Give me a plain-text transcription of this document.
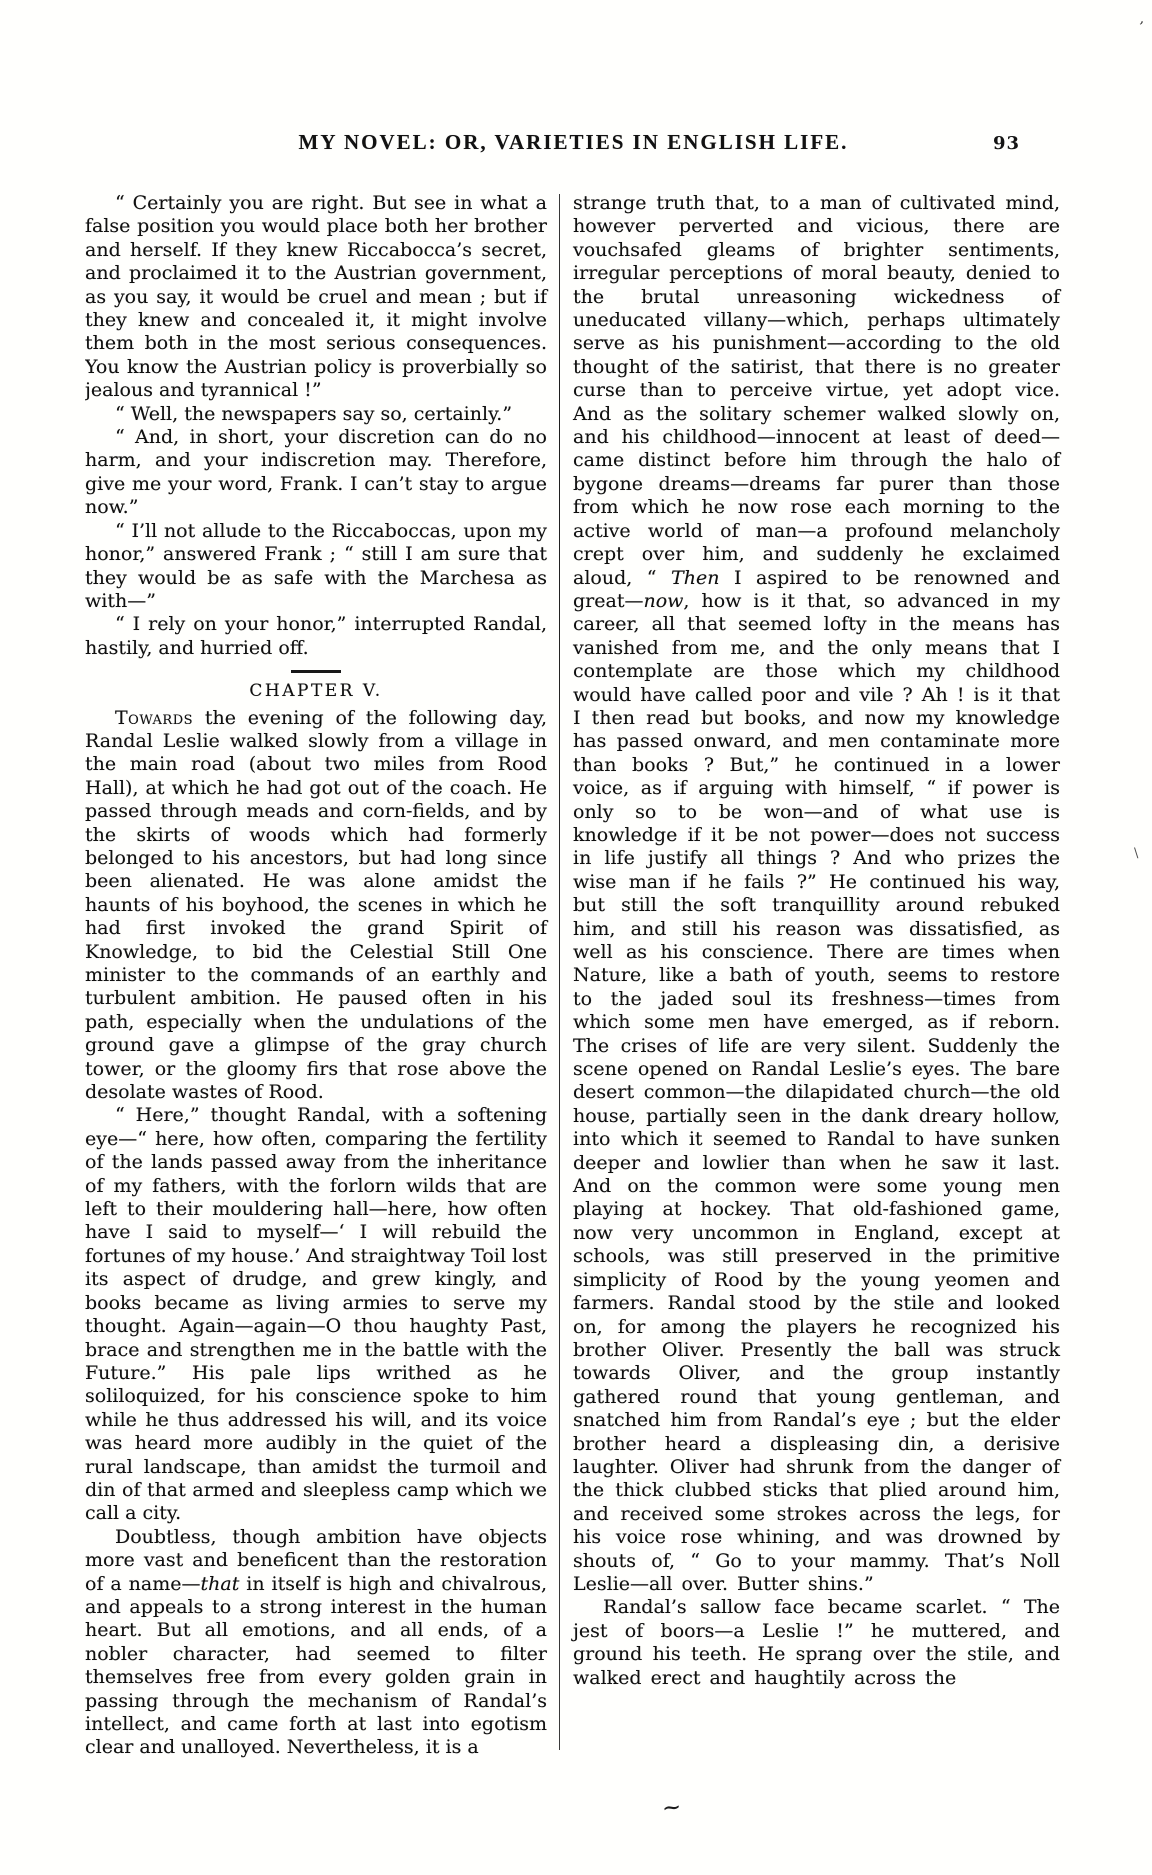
MY NOVEL: OR, VARIETIES IN ENGLISH LIFE.	93

“ Certainly you are right. But see in what a false position you would place both her brother and herself. If they knew Riccabocca’s secret, and proclaimed it to the Austrian government, as you say, it would be cruel and mean ; but if they knew and concealed it, it might involve them both in the most serious consequences. You know the Austrian policy is proverbially so jealous and tyrannical !”

“ Well, the newspapers say so, certainly.”

“ And, in short, your discretion can do no harm, and your indiscretion may. Therefore, give me your word, Frank. I can’t stay to argue now.”

“ I’ll not allude to the Riccaboccas, upon my honor,” answered Frank ; “ still I am sure that they would be as safe with the Marchesa as with—”

“ I rely on your honor,” interrupted Randal, hastily, and hurried off.

CHAPTER V.

Towards the evening of the following day, Randal Leslie walked slowly from a village in the main road (about two miles from Rood Hall), at which he had got out of the coach. He passed through meads and corn-fields, and by the skirts of woods which had formerly belonged to his ancestors, but had long since been alienated. He was alone amidst the haunts of his boyhood, the scenes in which he had first invoked the grand Spirit of Knowledge, to bid the Celestial Still One minister to the commands of an earthly and turbulent ambition. He paused often in his path, especially when the undulations of the ground gave a glimpse of the gray church tower, or the gloomy firs that rose above the desolate wastes of Rood.

“ Here,” thought Randal, with a softening eye—“ here, how often, comparing the fertility of the lands passed away from the inheritance of my fathers, with the forlorn wilds that are left to their mouldering hall—here, how often have I said to myself—‘ I will rebuild the fortunes of my house.’ And straightway Toil lost its aspect of drudge, and grew kingly, and books became as living armies to serve my thought. Again—again—O thou haughty Past, brace and strengthen me in the battle with the Future.” His pale lips writhed as he soliloquized, for his conscience spoke to him while he thus addressed his will, and its voice was heard more audibly in the quiet of the rural landscape, than amidst the turmoil and din of that armed and sleepless camp which we call a city.

Doubtless, though ambition have objects more vast and beneficent than the restoration of a name—that in itself is high and chivalrous, and appeals to a strong interest in the human heart. But all emotions, and all ends, of a nobler character, had seemed to filter themselves free from every golden grain in passing through the mechanism of Randal’s intellect, and came forth at last into egotism clear and unalloyed. Nevertheless, it is a

strange truth that, to a man of cultivated mind, however perverted and vicious, there are vouchsafed gleams of brighter sentiments, irregular perceptions of moral beauty, denied to the brutal unreasoning wickedness of uneducated villany—which, perhaps ultimately serve as his punishment—according to the old thought of the satirist, that there is no greater curse than to perceive virtue, yet adopt vice. And as the solitary schemer walked slowly on, and his childhood—innocent at least of deed—came distinct before him through the halo of bygone dreams—dreams far purer than those from which he now rose each morning to the active world of man—a profound melancholy crept over him, and suddenly he exclaimed aloud, “ Then I aspired to be renowned and great—now, how is it that, so advanced in my career, all that seemed lofty in the means has vanished from me, and the only means that I contemplate are those which my childhood would have called poor and vile ? Ah ! is it that I then read but books, and now my knowledge has passed onward, and men contaminate more than books ? But,” he continued in a lower voice, as if arguing with himself, “ if power is only so to be won—and of what use is knowledge if it be not power—does not success in life justify all things ? And who prizes the wise man if he fails ?” He continued his way, but still the soft tranquillity around rebuked him, and still his reason was dissatisfied, as well as his conscience. There are times when Nature, like a bath of youth, seems to restore to the jaded soul its freshness—times from which some men have emerged, as if reborn. The crises of life are very silent. Suddenly the scene opened on Randal Leslie’s eyes. The bare desert common—the dilapidated church—the old house, partially seen in the dank dreary hollow, into which it seemed to Randal to have sunken deeper and lowlier than when he saw it last. And on the common were some young men playing at hockey. That old-fashioned game, now very uncommon in England, except at schools, was still preserved in the primitive simplicity of Rood by the young yeomen and farmers. Randal stood by the stile and looked on, for among the players he recognized his brother Oliver. Presently the ball was struck towards Oliver, and the group instantly gathered round that young gentleman, and snatched him from Randal’s eye ; but the elder brother heard a displeasing din, a derisive laughter. Oliver had shrunk from the danger of the thick clubbed sticks that plied around him, and received some strokes across the legs, for his voice rose whining, and was drowned by shouts of, “ Go to your mammy. That’s Noll Leslie—all over. Butter shins.”

Randal’s sallow face became scarlet. “ The jest of boors—a Leslie !” he muttered, and ground his teeth. He sprang over the stile, and walked erect and haughtily across the

~
’
\
